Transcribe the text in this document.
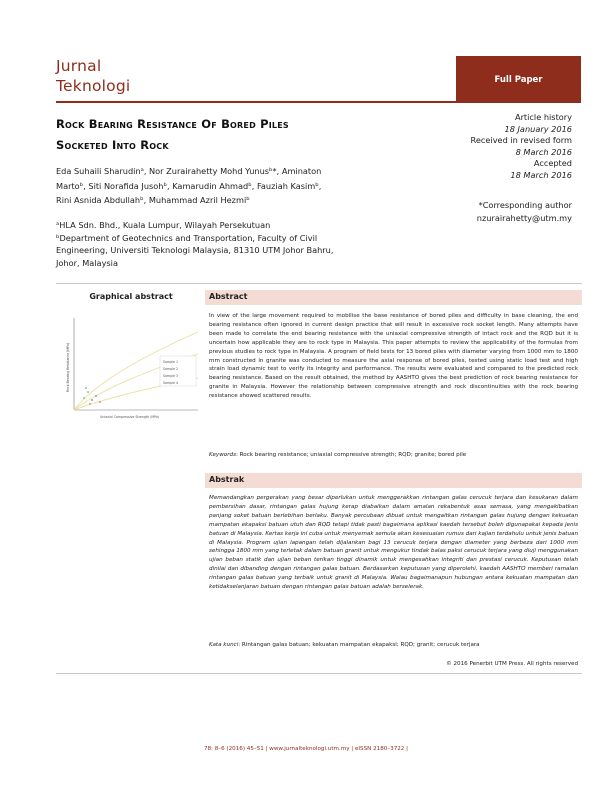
Jurnal
Teknologi	Full Paper
Rock Bearing Resistance Of Bored Piles
Socketed Into Rock
Eda Suhaili Sharudinᵃ, Nor Zurairahetty Mohd Yunusᵇ*, Aminaton
Martoᵇ, Siti Norafida Jusohᵇ, Kamarudin Ahmadᵇ, Fauziah Kasimᵇ,
Rini Asnida Abdullahᵇ, Muhammad Azril Hezmiᵇ
ᵃHLA Sdn. Bhd., Kuala Lumpur, Wilayah Persekutuan
ᵇDepartment of Geotechnics and Transportation, Faculty of Civil
Engineering, Universiti Teknologi Malaysia, 81310 UTM Johor Bahru,
Johor, Malaysia
Article history
18 January 2016
Received in revised form
8 March 2016
Accepted
18 March 2016
*Corresponding author
nzurairahetty@utm.my
Graphical abstract
Sample 1
Sample 2
Sample 3
Sample 4
Uniaxial Compressive Strength (MPa)
Rock Bearing Resistance (MPa)
Abstract
In view of the large movement required to mobilise the base resistance of bored piles and difficulty in base cleaning, the end bearing resistance often ignored in current design practice that will result in excessive rock socket length. Many attempts have been made to correlate the end bearing resistance with the uniaxial compressive strength of intact rock and the RQD but it is uncertain how applicable they are to rock type in Malaysia. This paper attempts to review the applicability of the formulas from previous studies to rock type in Malaysia. A program of field tests for 13 bored piles with diameter varying from 1000 mm to 1800 mm constructed in granite was conducted to measure the axial response of bored piles, tested using static load test and high strain load dynamic test to verify its integrity and performance. The results were evaluated and compared to the predicted rock bearing resistance. Based on the result obtained, the method by AASHTO gives the best prediction of rock bearing resistance for granite in Malaysia. However the relationship between compressive strength and rock discontinuities with the rock bearing resistance showed scattered results.
Keywords: Rock bearing resistance; uniaxial compressive strength; RQD; granite; bored pile
Abstrak
Memandangkan pergerakan yang besar diperlukan untuk menggerakkan rintangan galas cerucuk terjara dan kesukaran dalam pembersihan dasar, rintangan galas hujung kerap diabaikan dalam amalan rekabentuk asas semasa, yang mengakibatkan panjang soket batuan berlebihan berlaku. Banyak percubaan dibuat untuk mengaitkan rintangan galas hujung dengan kekuatan mampatan ekapaksi batuan utuh dan RQD tetapi tidak pasti bagaimana aplikasi kaedah tersebut boleh digunapakai kepada jenis batuan di Malaysia. Kertas kerja ini cuba untuk menyemak semula akan kesesuaian rumus dari kajian terdahulu untuk jenis batuan di Malaysia. Program ujian lapangan telah dijalankan bagi 13 cerucuk terjara dengan diameter yang berbeza dari 1000 mm sehingga 1800 mm yang terletak dalam batuan granit untuk mengukur tindak balas paksi cerucuk terjara yang diuji menggunakan ujian beban statik dan ujian beban terikan tinggi dinamik untuk mengesahkan integriti dan prestasi cerucuk. Keputusan telah dinilai dan dibanding dengan rintangan galas batuan. Berdasarkan keputusan yang diperolehi, kaedah AASHTO memberi ramalan rintangan galas batuan yang terbaik untuk granit di Malaysia. Walau bagaimanapun hubungan antara kekuatan mampatan dan ketidakselanjaran batuan dengan rintangan galas batuan adalah berselerak.
Kata kunci: Rintangan galas batuan; kekuatan mampatan ekapaksi; RQD; granit; cerucuk terjara
© 2016 Penerbit UTM Press. All rights reserved
78: 8–6 (2016) 45–51 | www.jurnalteknologi.utm.my | eISSN 2180–3722 |
